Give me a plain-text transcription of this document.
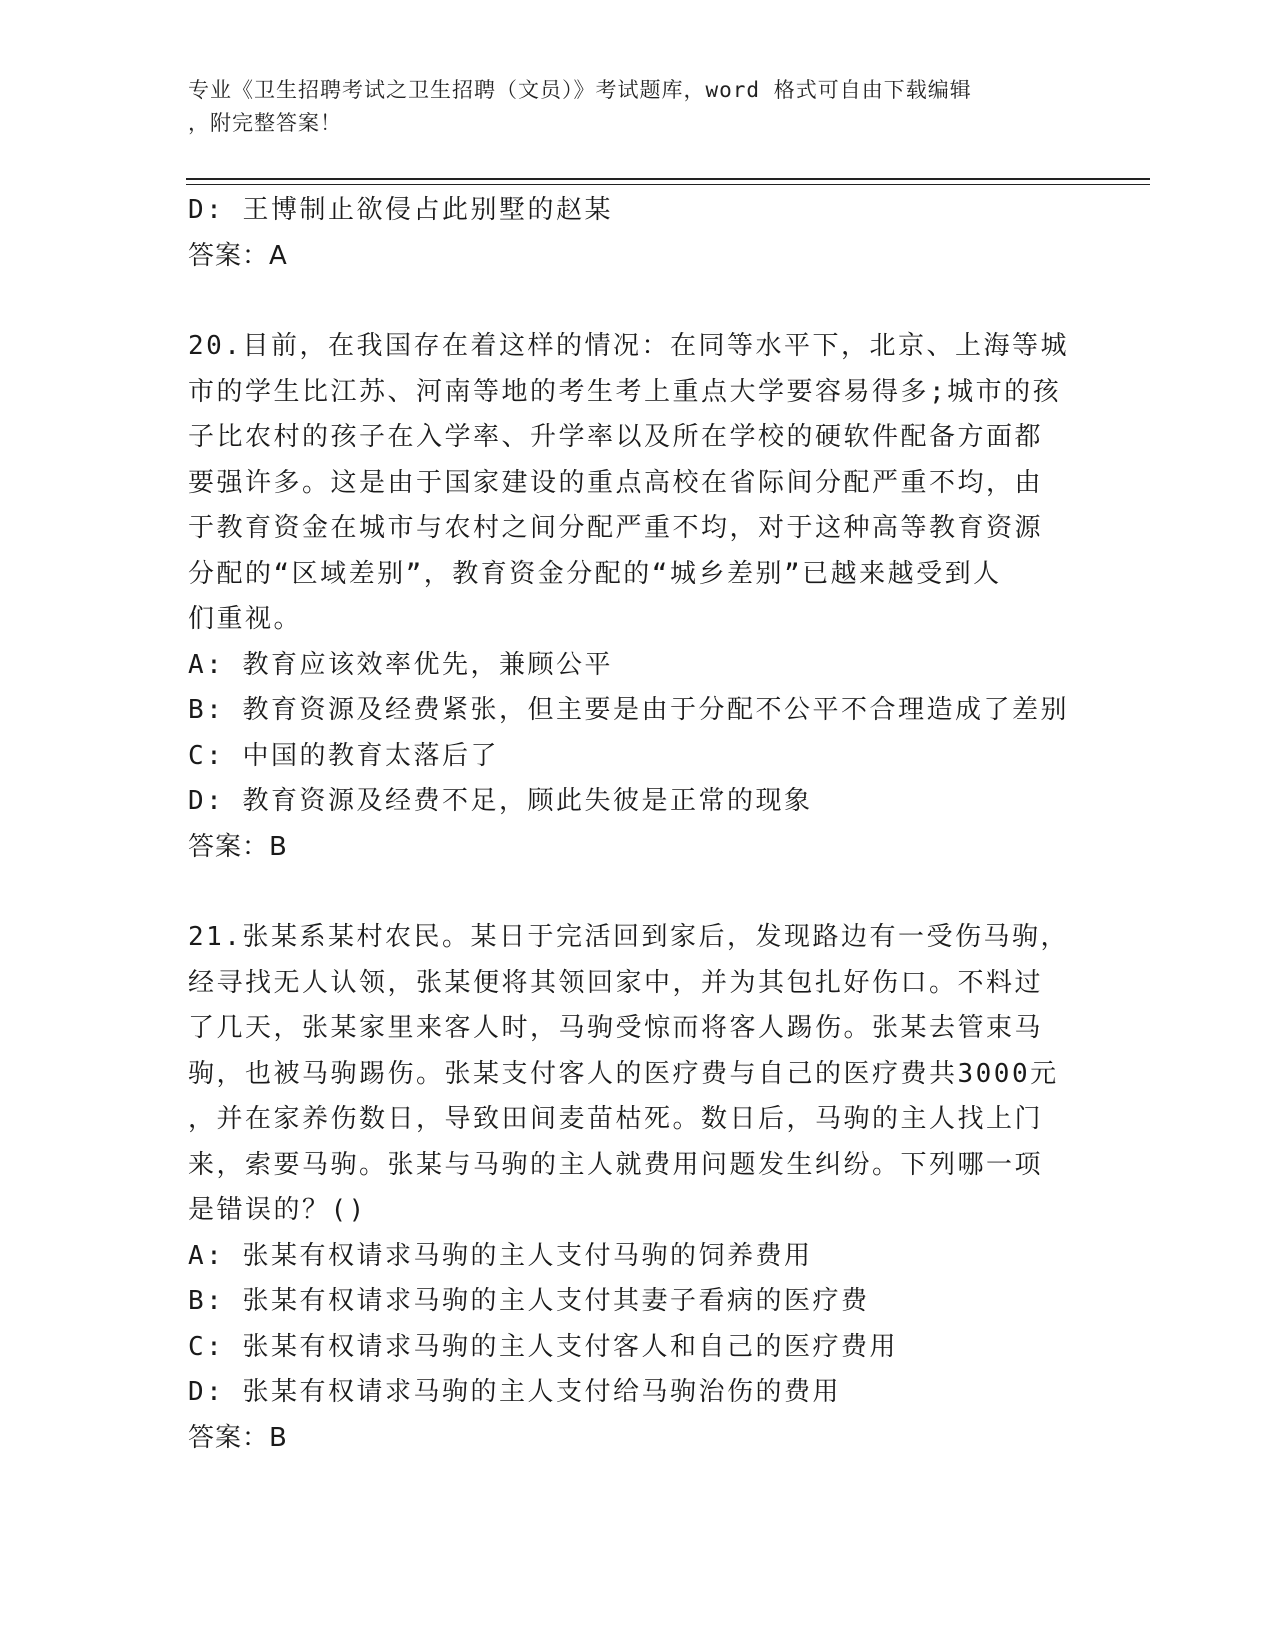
专业《卫生招聘考试之卫生招聘（文员）》考试题库，word 格式可自由下载编辑
，附完整答案！
D: 王博制止欲侵占此别墅的赵某
答案：A
20.目前，在我国存在着这样的情况：在同等水平下，北京、上海等城
市的学生比江苏、河南等地的考生考上重点大学要容易得多;城市的孩
子比农村的孩子在入学率、升学率以及所在学校的硬软件配备方面都
要强许多。这是由于国家建设的重点高校在省际间分配严重不均，由
于教育资金在城市与农村之间分配严重不均，对于这种高等教育资源
分配的“区域差别”，教育资金分配的“城乡差别”已越来越受到人
们重视。
A: 教育应该效率优先，兼顾公平
B: 教育资源及经费紧张，但主要是由于分配不公平不合理造成了差别
C: 中国的教育太落后了
D: 教育资源及经费不足，顾此失彼是正常的现象
答案：B
21.张某系某村农民。某日于完活回到家后，发现路边有一受伤马驹，
经寻找无人认领，张某便将其领回家中，并为其包扎好伤口。不料过
了几天，张某家里来客人时，马驹受惊而将客人踢伤。张某去管束马
驹，也被马驹踢伤。张某支付客人的医疗费与自己的医疗费共3000元
，并在家养伤数日，导致田间麦苗枯死。数日后，马驹的主人找上门
来，索要马驹。张某与马驹的主人就费用问题发生纠纷。下列哪一项
是错误的？()
A: 张某有权请求马驹的主人支付马驹的饲养费用
B: 张某有权请求马驹的主人支付其妻子看病的医疗费
C: 张某有权请求马驹的主人支付客人和自己的医疗费用
D: 张某有权请求马驹的主人支付给马驹治伤的费用
答案：B
